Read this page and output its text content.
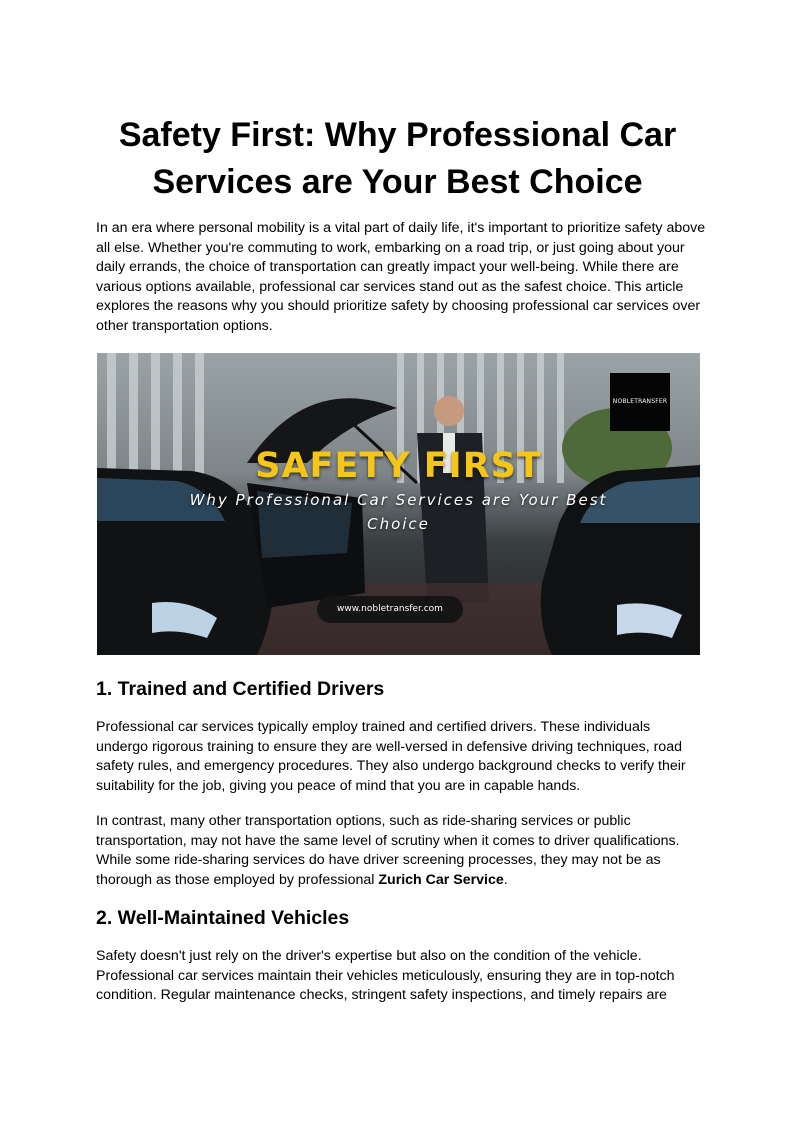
Safety First: Why Professional Car Services are Your Best Choice

In an era where personal mobility is a vital part of daily life, it's important to prioritize safety above all else. Whether you're commuting to work, embarking on a road trip, or just going about your daily errands, the choice of transportation can greatly impact your well-being. While there are various options available, professional car services stand out as the safest choice. This article explores the reasons why you should prioritize safety by choosing professional car services over other transportation options.

NOBLETRANSFER
SAFETY FIRST
Why Professional Car Services are Your Best Choice
www.nobletransfer.com
1. Trained and Certified Drivers

Professional car services typically employ trained and certified drivers. These individuals undergo rigorous training to ensure they are well-versed in defensive driving techniques, road safety rules, and emergency procedures. They also undergo background checks to verify their suitability for the job, giving you peace of mind that you are in capable hands.

In contrast, many other transportation options, such as ride-sharing services or public transportation, may not have the same level of scrutiny when it comes to driver qualifications. While some ride-sharing services do have driver screening processes, they may not be as thorough as those employed by professional Zurich Car Service.

2. Well-Maintained Vehicles

Safety doesn't just rely on the driver's expertise but also on the condition of the vehicle. Professional car services maintain their vehicles meticulously, ensuring they are in top-notch condition. Regular maintenance checks, stringent safety inspections, and timely repairs are
